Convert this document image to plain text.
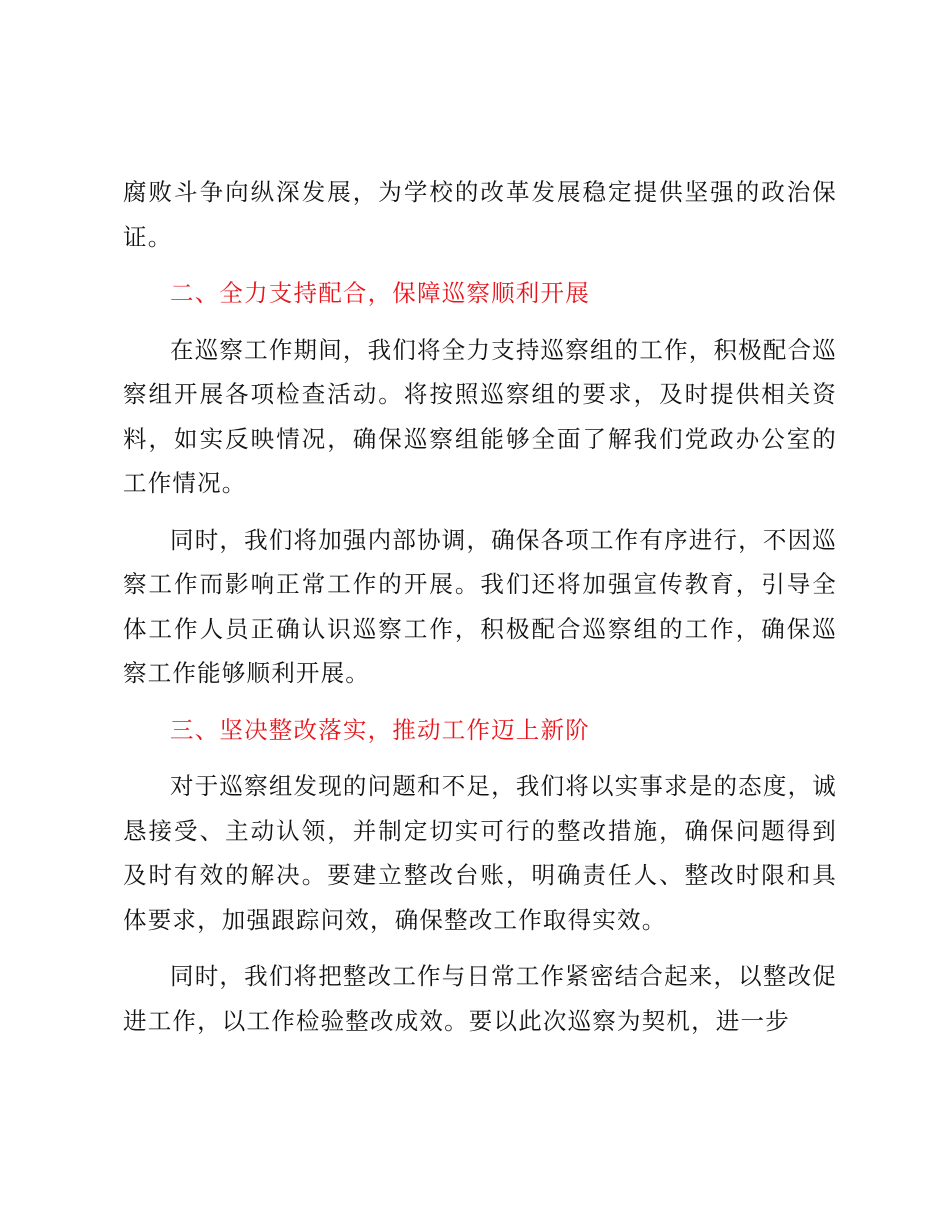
腐败斗争向纵深发展，为学校的改革发展稳定提供坚强的政治保证。

二、全力支持配合，保障巡察顺利开展

在巡察工作期间，我们将全力支持巡察组的工作，积极配合巡察组开展各项检查活动。将按照巡察组的要求，及时提供相关资料，如实反映情况，确保巡察组能够全面了解我们党政办公室的工作情况。

同时，我们将加强内部协调，确保各项工作有序进行，不因巡察工作而影响正常工作的开展。我们还将加强宣传教育，引导全体工作人员正确认识巡察工作，积极配合巡察组的工作，确保巡察工作能够顺利开展。

三、坚决整改落实，推动工作迈上新阶

对于巡察组发现的问题和不足，我们将以实事求是的态度，诚恳接受、主动认领，并制定切实可行的整改措施，确保问题得到及时有效的解决。要建立整改台账，明确责任人、整改时限和具体要求，加强跟踪问效，确保整改工作取得实效。

同时，我们将把整改工作与日常工作紧密结合起来，以整改促进工作，以工作检验整改成效。要以此次巡察为契机，进一步
